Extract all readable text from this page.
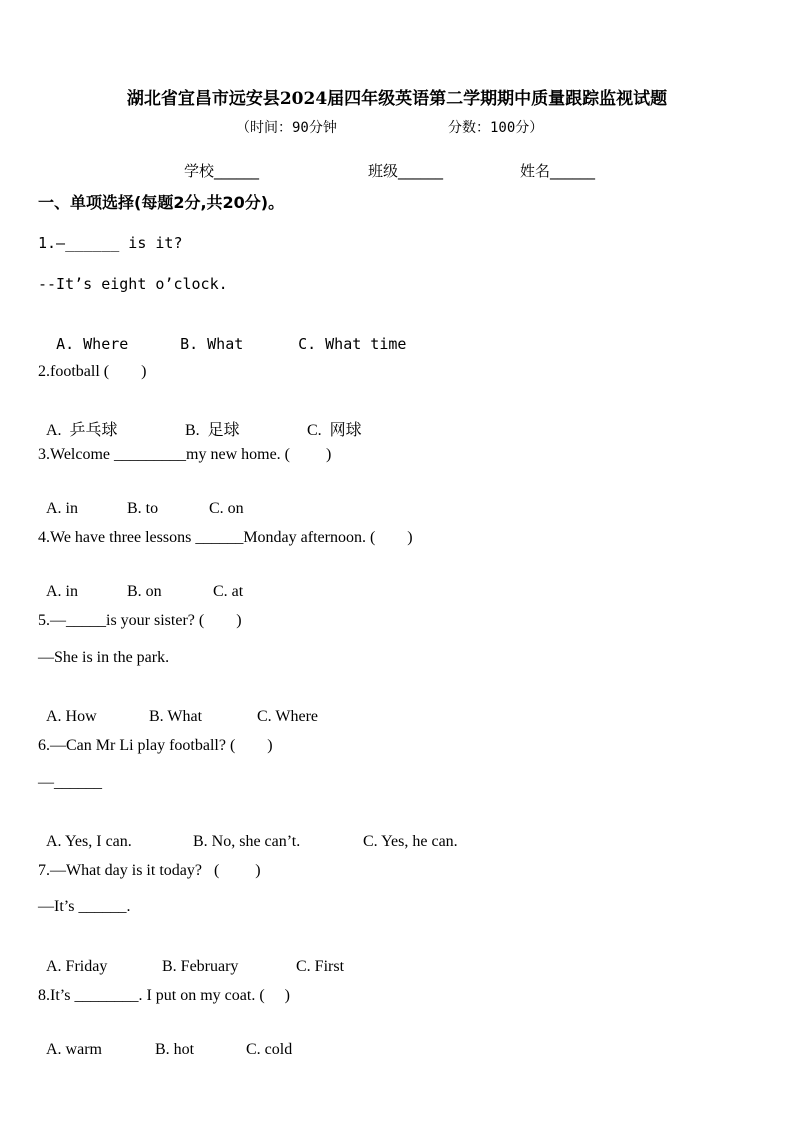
湖北省宜昌市远安县2024届四年级英语第二学期期中质量跟踪监视试题
（时间：90分钟	分数：100分）
学校______	班级______	姓名______
一、单项选择(每题2分,共20分)。
1.—______ is it?
--It’s eight o’clock.

A. Where	B. What	C. What time

2.football (　　)

A.  乒乓球	B.  足球	C.  网球

3.Welcome _________my new home. (　　 )

A. in	B. to	C. on

4.We have three lessons ______Monday afternoon. (　　)

A. in	B. on	C. at

5.—_____is your sister? (　　)
—She is in the park.

A. How	B. What	C. Where

6.—Can Mr Li play football? (　　)
—______

A. Yes, I can.	B. No, she can’t.	C. Yes, he can.

7.—What day is it today?   (　　 )
—It’s ______.

A. Friday	B. February	C. First

8.It’s ________. I put on my coat. (　 )

A. warm	B. hot	C. cold
